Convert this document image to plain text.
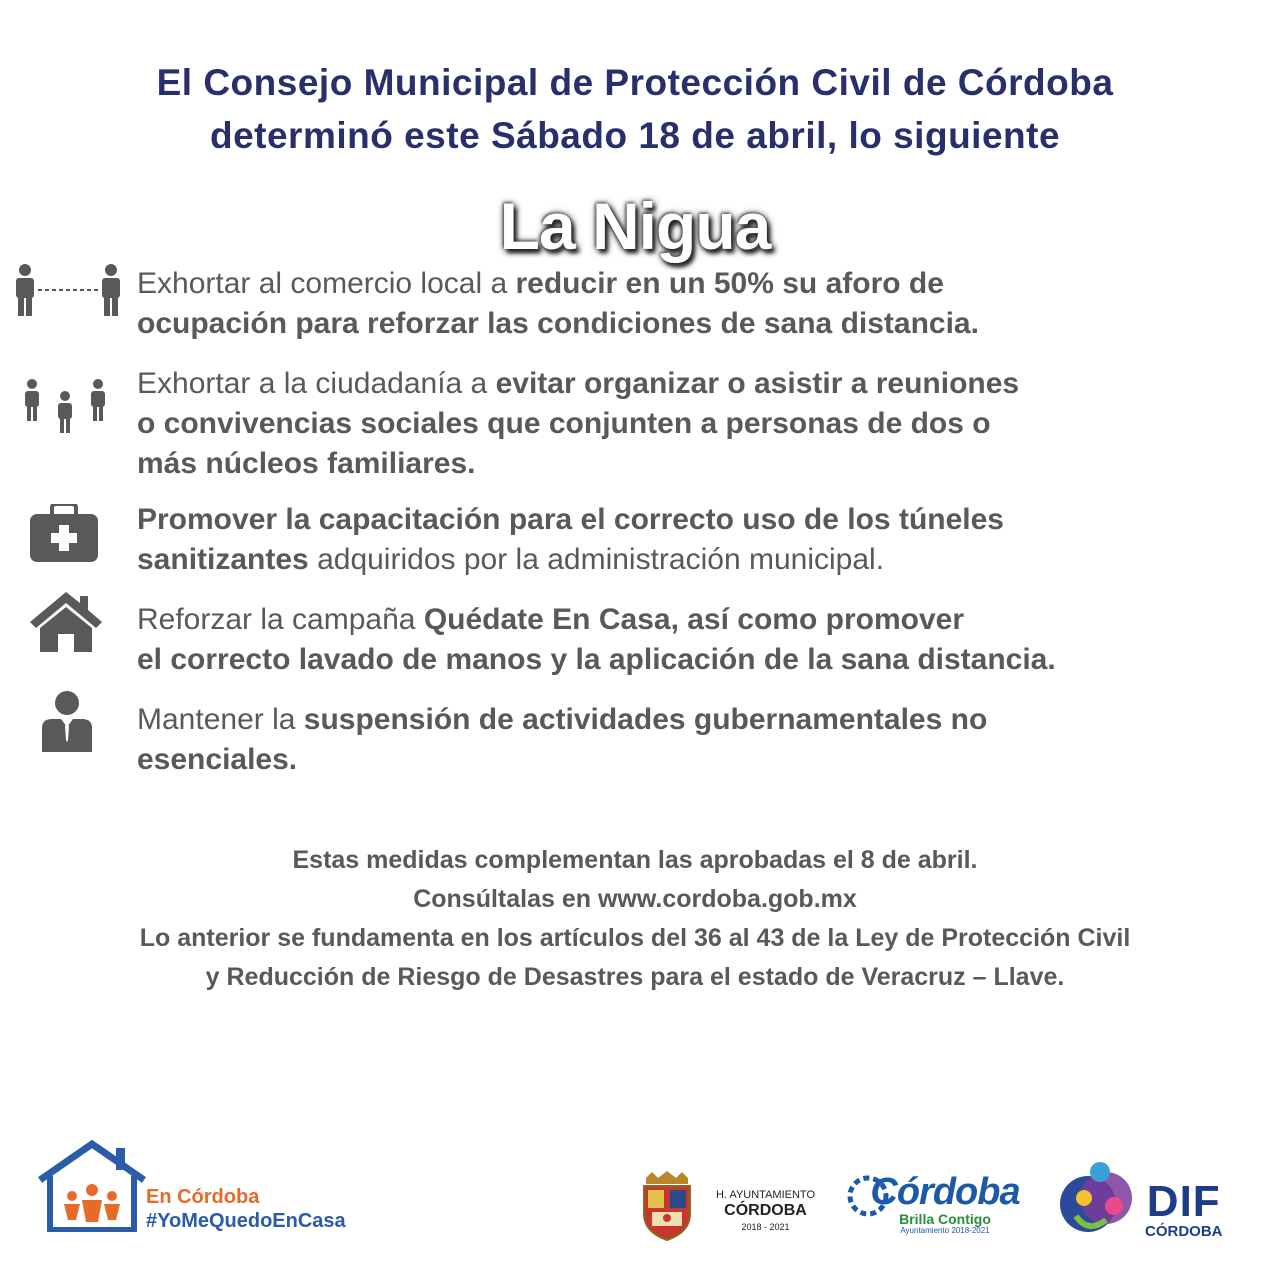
El Consejo Municipal de Protección Civil de Córdoba
determinó este Sábado 18 de abril, lo siguiente
La Nigua
Exhortar al comercio local a reducir en un 50% su aforo de
ocupación para reforzar las condiciones de sana distancia.
Exhortar a la ciudadanía a evitar organizar o asistir a reuniones
o convivencias sociales que conjunten a personas de dos o
más núcleos familiares.
Promover la capacitación para el correcto uso de los túneles
sanitizantes adquiridos por la administración municipal.
Reforzar la campaña Quédate En Casa, así como promover
el correcto lavado de manos y la aplicación de la sana distancia.
Mantener la suspensión de actividades gubernamentales no
esenciales.
Estas medidas complementan las aprobadas el 8 de abril.
Consúltalas en www.cordoba.gob.mx
Lo anterior se fundamenta en los artículos del 36 al 43 de la Ley de Protección Civil
y Reducción de Riesgo de Desastres para el estado de Veracruz – Llave.
En Córdoba
#YoMeQuedoEnCasa
H. AYUNTAMIENTO
CÓRDOBA
2018 - 2021
Córdoba
Brilla Contigo
Ayuntamiento 2018-2021
DIF
CÓRDOBA
